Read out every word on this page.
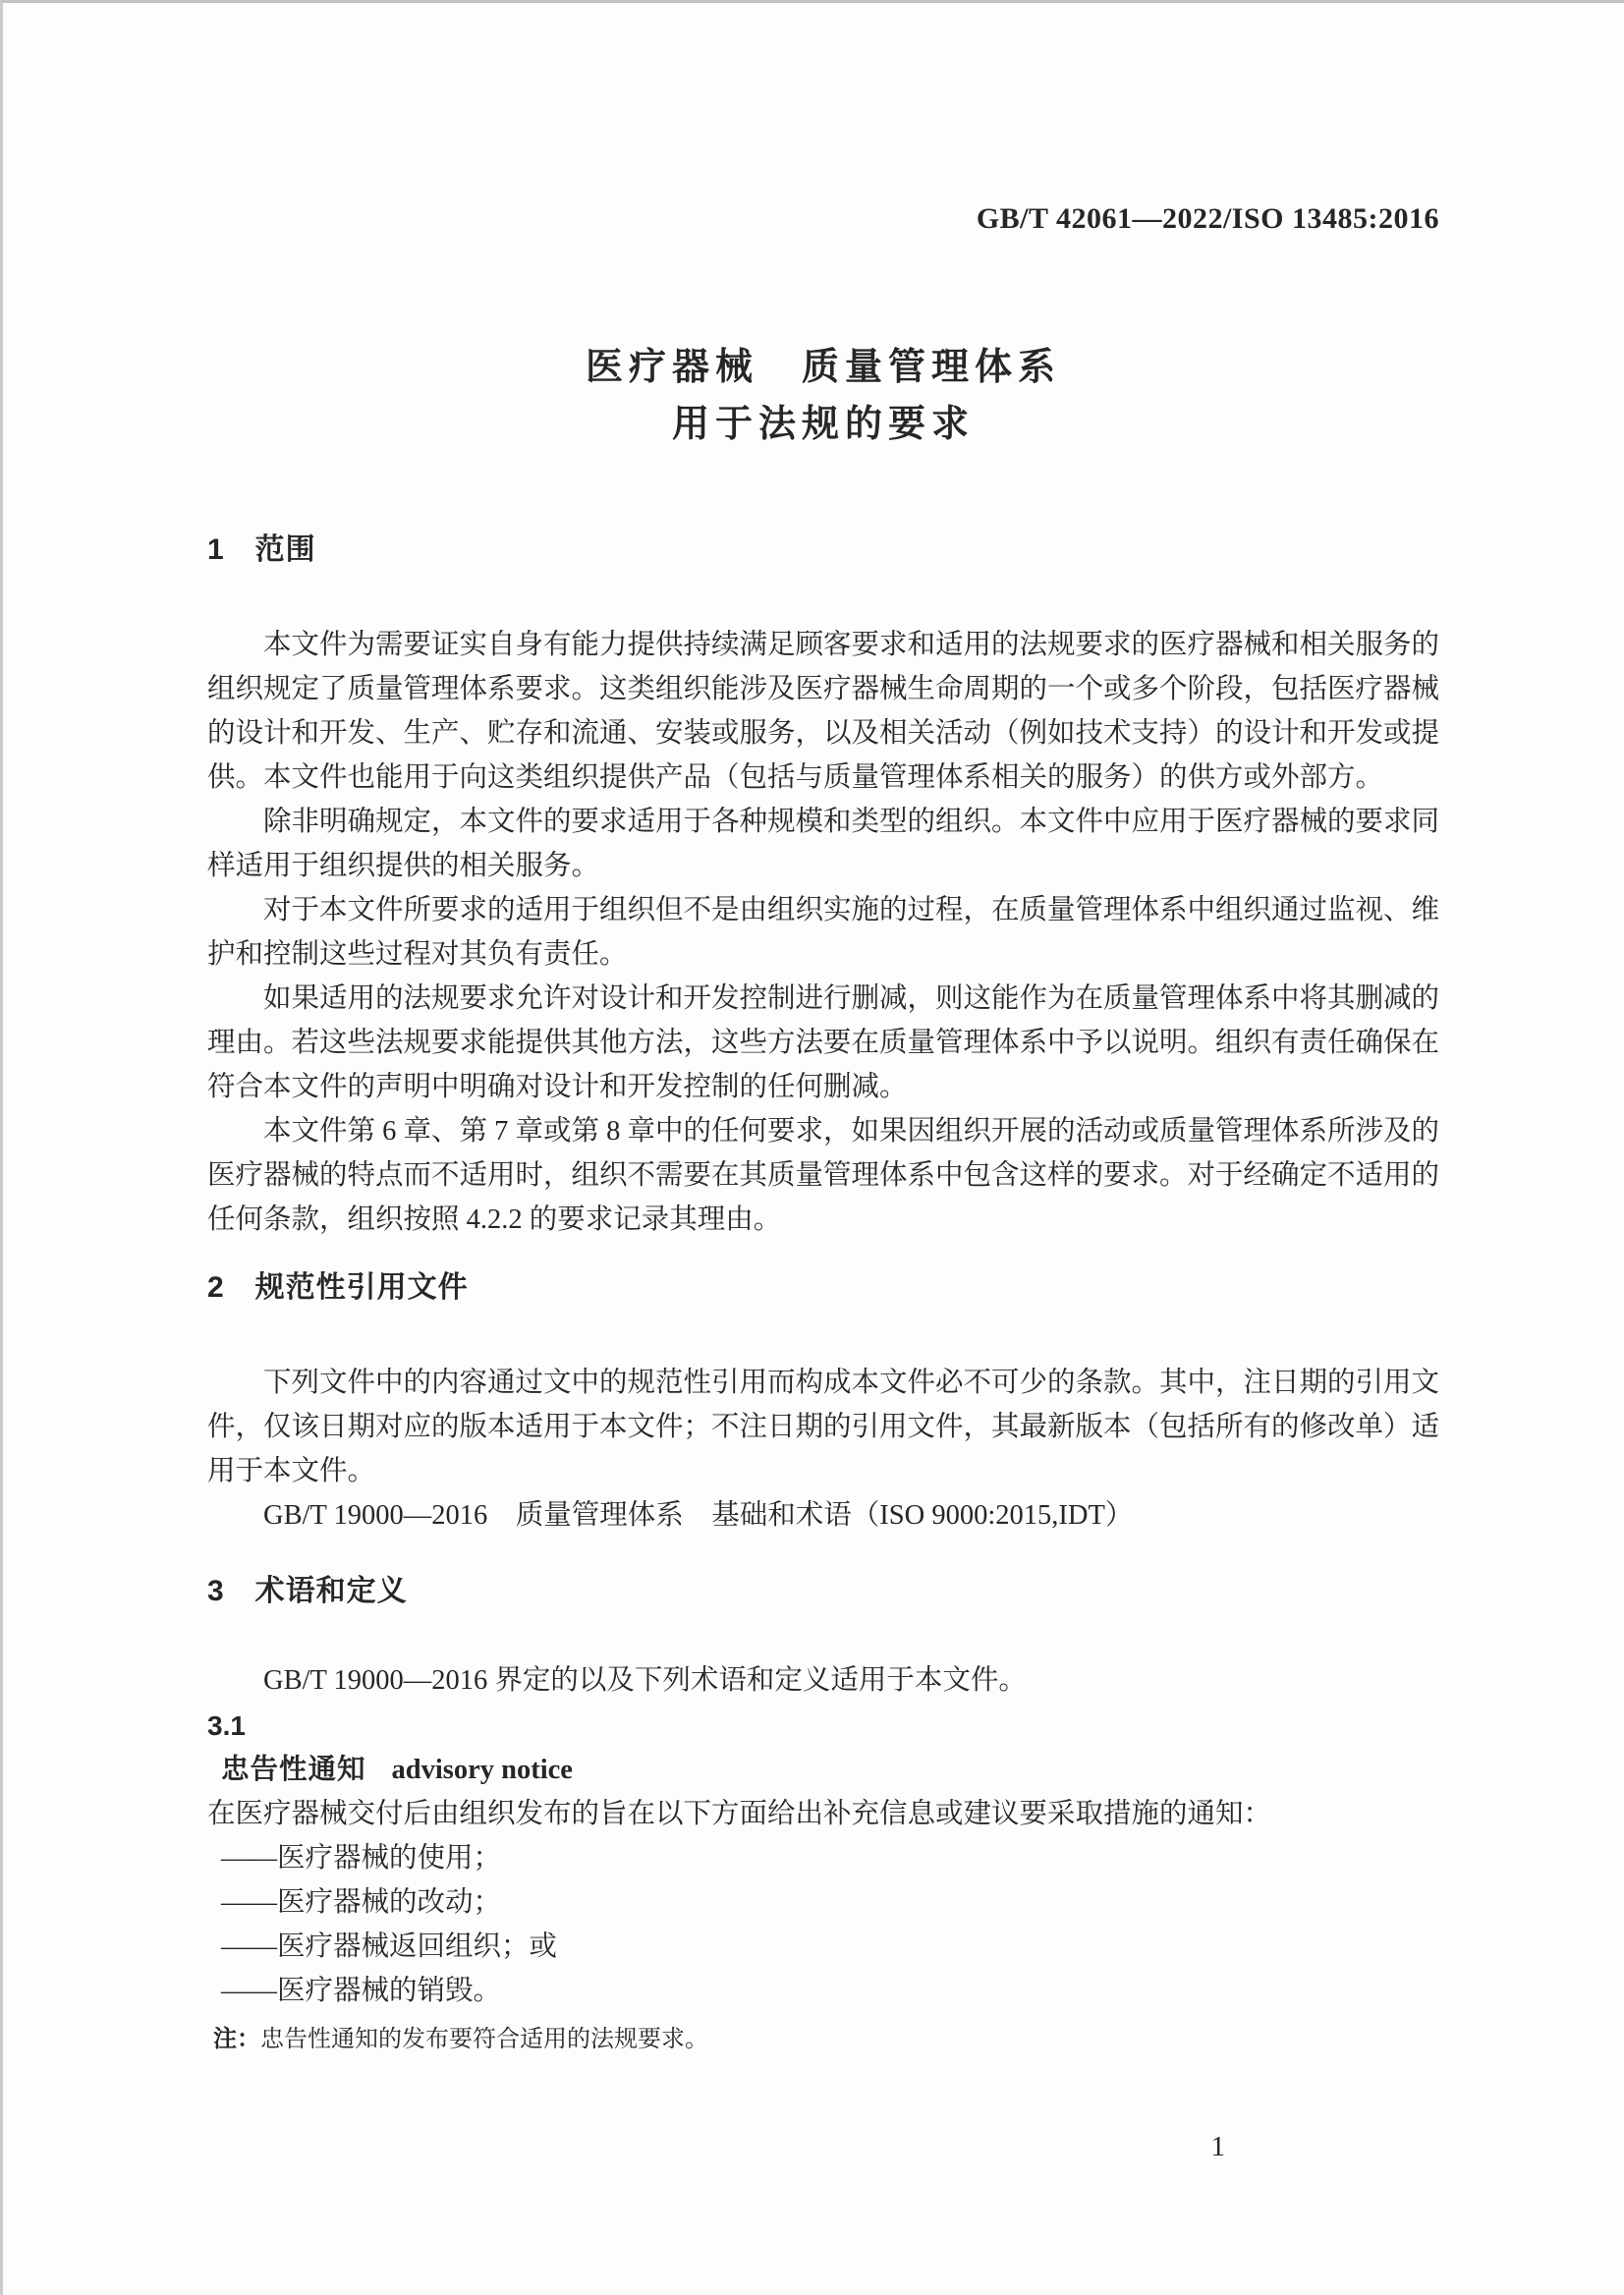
GB/T 42061—2022/ISO 13485:2016
医疗器械　质量管理体系
用于法规的要求
1　范围

本文件为需要证实自身有能力提供持续满足顾客要求和适用的法规要求的医疗器械和相关服务的组织规定了质量管理体系要求。这类组织能涉及医疗器械生命周期的一个或多个阶段，包括医疗器械的设计和开发、生产、贮存和流通、安装或服务，以及相关活动（例如技术支持）的设计和开发或提供。本文件也能用于向这类组织提供产品（包括与质量管理体系相关的服务）的供方或外部方。

除非明确规定，本文件的要求适用于各种规模和类型的组织。本文件中应用于医疗器械的要求同样适用于组织提供的相关服务。

对于本文件所要求的适用于组织但不是由组织实施的过程，在质量管理体系中组织通过监视、维护和控制这些过程对其负有责任。

如果适用的法规要求允许对设计和开发控制进行删减，则这能作为在质量管理体系中将其删减的理由。若这些法规要求能提供其他方法，这些方法要在质量管理体系中予以说明。组织有责任确保在符合本文件的声明中明确对设计和开发控制的任何删减。

本文件第 6 章、第 7 章或第 8 章中的任何要求，如果因组织开展的活动或质量管理体系所涉及的医疗器械的特点而不适用时，组织不需要在其质量管理体系中包含这样的要求。对于经确定不适用的任何条款，组织按照 4.2.2 的要求记录其理由。

2　规范性引用文件

下列文件中的内容通过文中的规范性引用而构成本文件必不可少的条款。其中，注日期的引用文件，仅该日期对应的版本适用于本文件；不注日期的引用文件，其最新版本（包括所有的修改单）适用于本文件。

GB/T 19000—2016　质量管理体系　基础和术语（ISO 9000:2015,IDT）

3　术语和定义

GB/T 19000—2016 界定的以及下列术语和定义适用于本文件。

3.1
忠告性通知 advisory notice

在医疗器械交付后由组织发布的旨在以下方面给出补充信息或建议要采取措施的通知：

——医疗器械的使用；
——医疗器械的改动；
——医疗器械返回组织；或
——医疗器械的销毁。
注：忠告性通知的发布要符合适用的法规要求。
1
